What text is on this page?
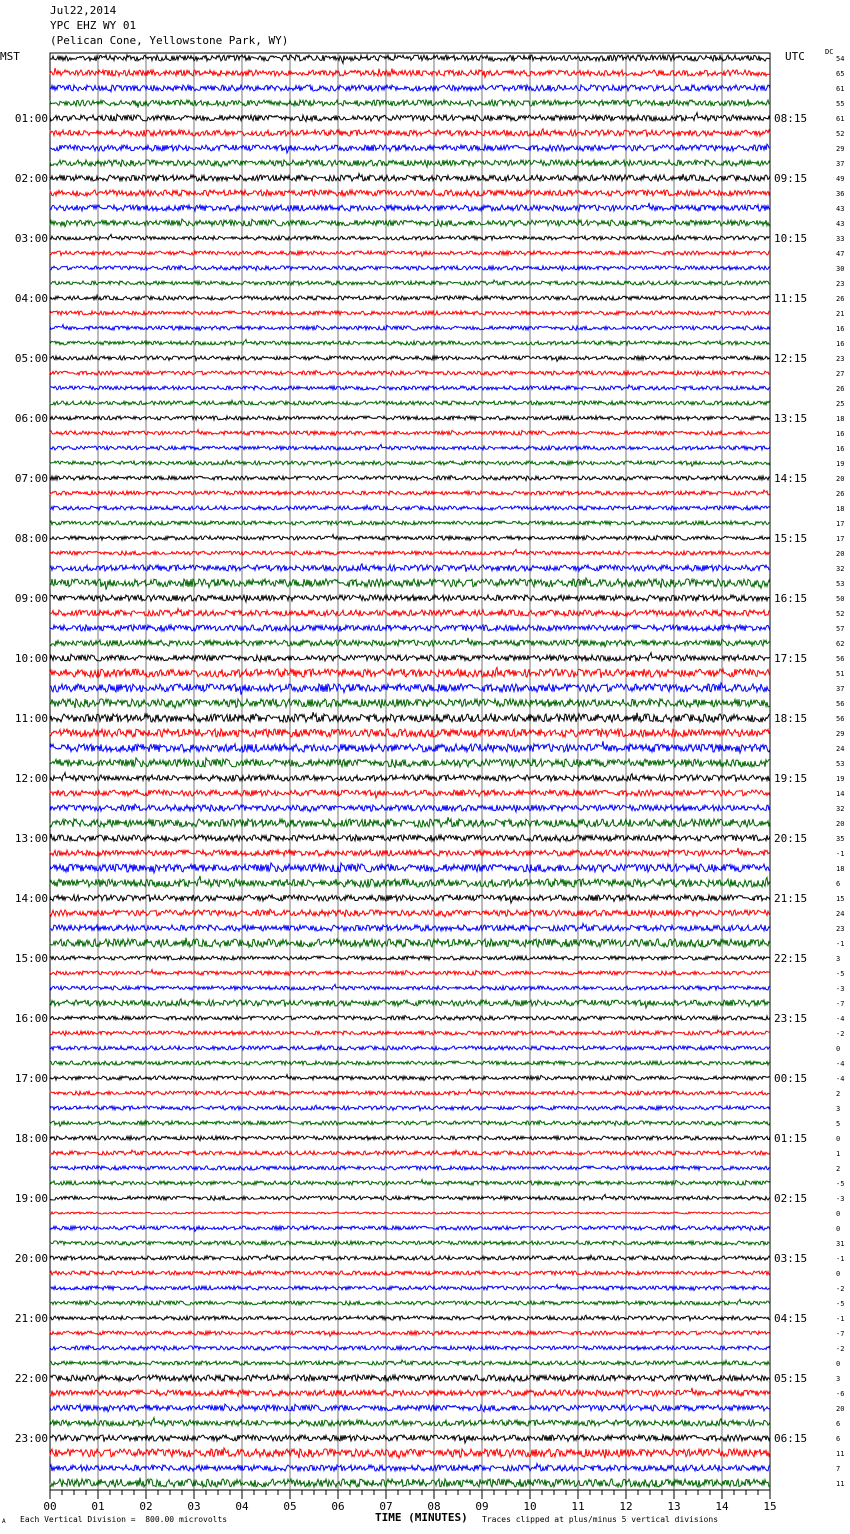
Jul22,2014
YPC EHZ WY 01
(Pelican Cone, Yellowstone Park, WY)
MST	UTC	DC
54
65
61
55
61
52
29
37
49
36
43
43
33
47
30
23
26
21
16
16
23
27
26
25
18
16
16
19
20
26
18
17
17
20
32
53
50
52
57
62
56
51
37
56
56
29
24
53
19
14
32
20
35
-1
18
6
15
24
23
-1
3
-5
-3
-7
-4
-2
0
-4
-4
2
3
5
0
1
2
-5
-3
0
0
31
-1
0
-2
-5
-1
-7
-2
0
3
-6
20
6
6
11
7
11
01:00	08:15
02:00	09:15
03:00	10:15
04:00	11:15
05:00	12:15
06:00	13:15
07:00	14:15
08:00	15:15
09:00	16:15
10:00	17:15
11:00	18:15
12:00	19:15
13:00	20:15
14:00	21:15
15:00	22:15
16:00	23:15
17:00	00:15
18:00	01:15
19:00	02:15
20:00	03:15
21:00	04:15
22:00	05:15
23:00	06:15
00	01	02	03	04	05	06	07	08	09	10	11	12	13	14	15
A Each Vertical Division =  800.00 microvolts	TIME (MINUTES) Traces clipped at plus/minus 5 vertical divisions
